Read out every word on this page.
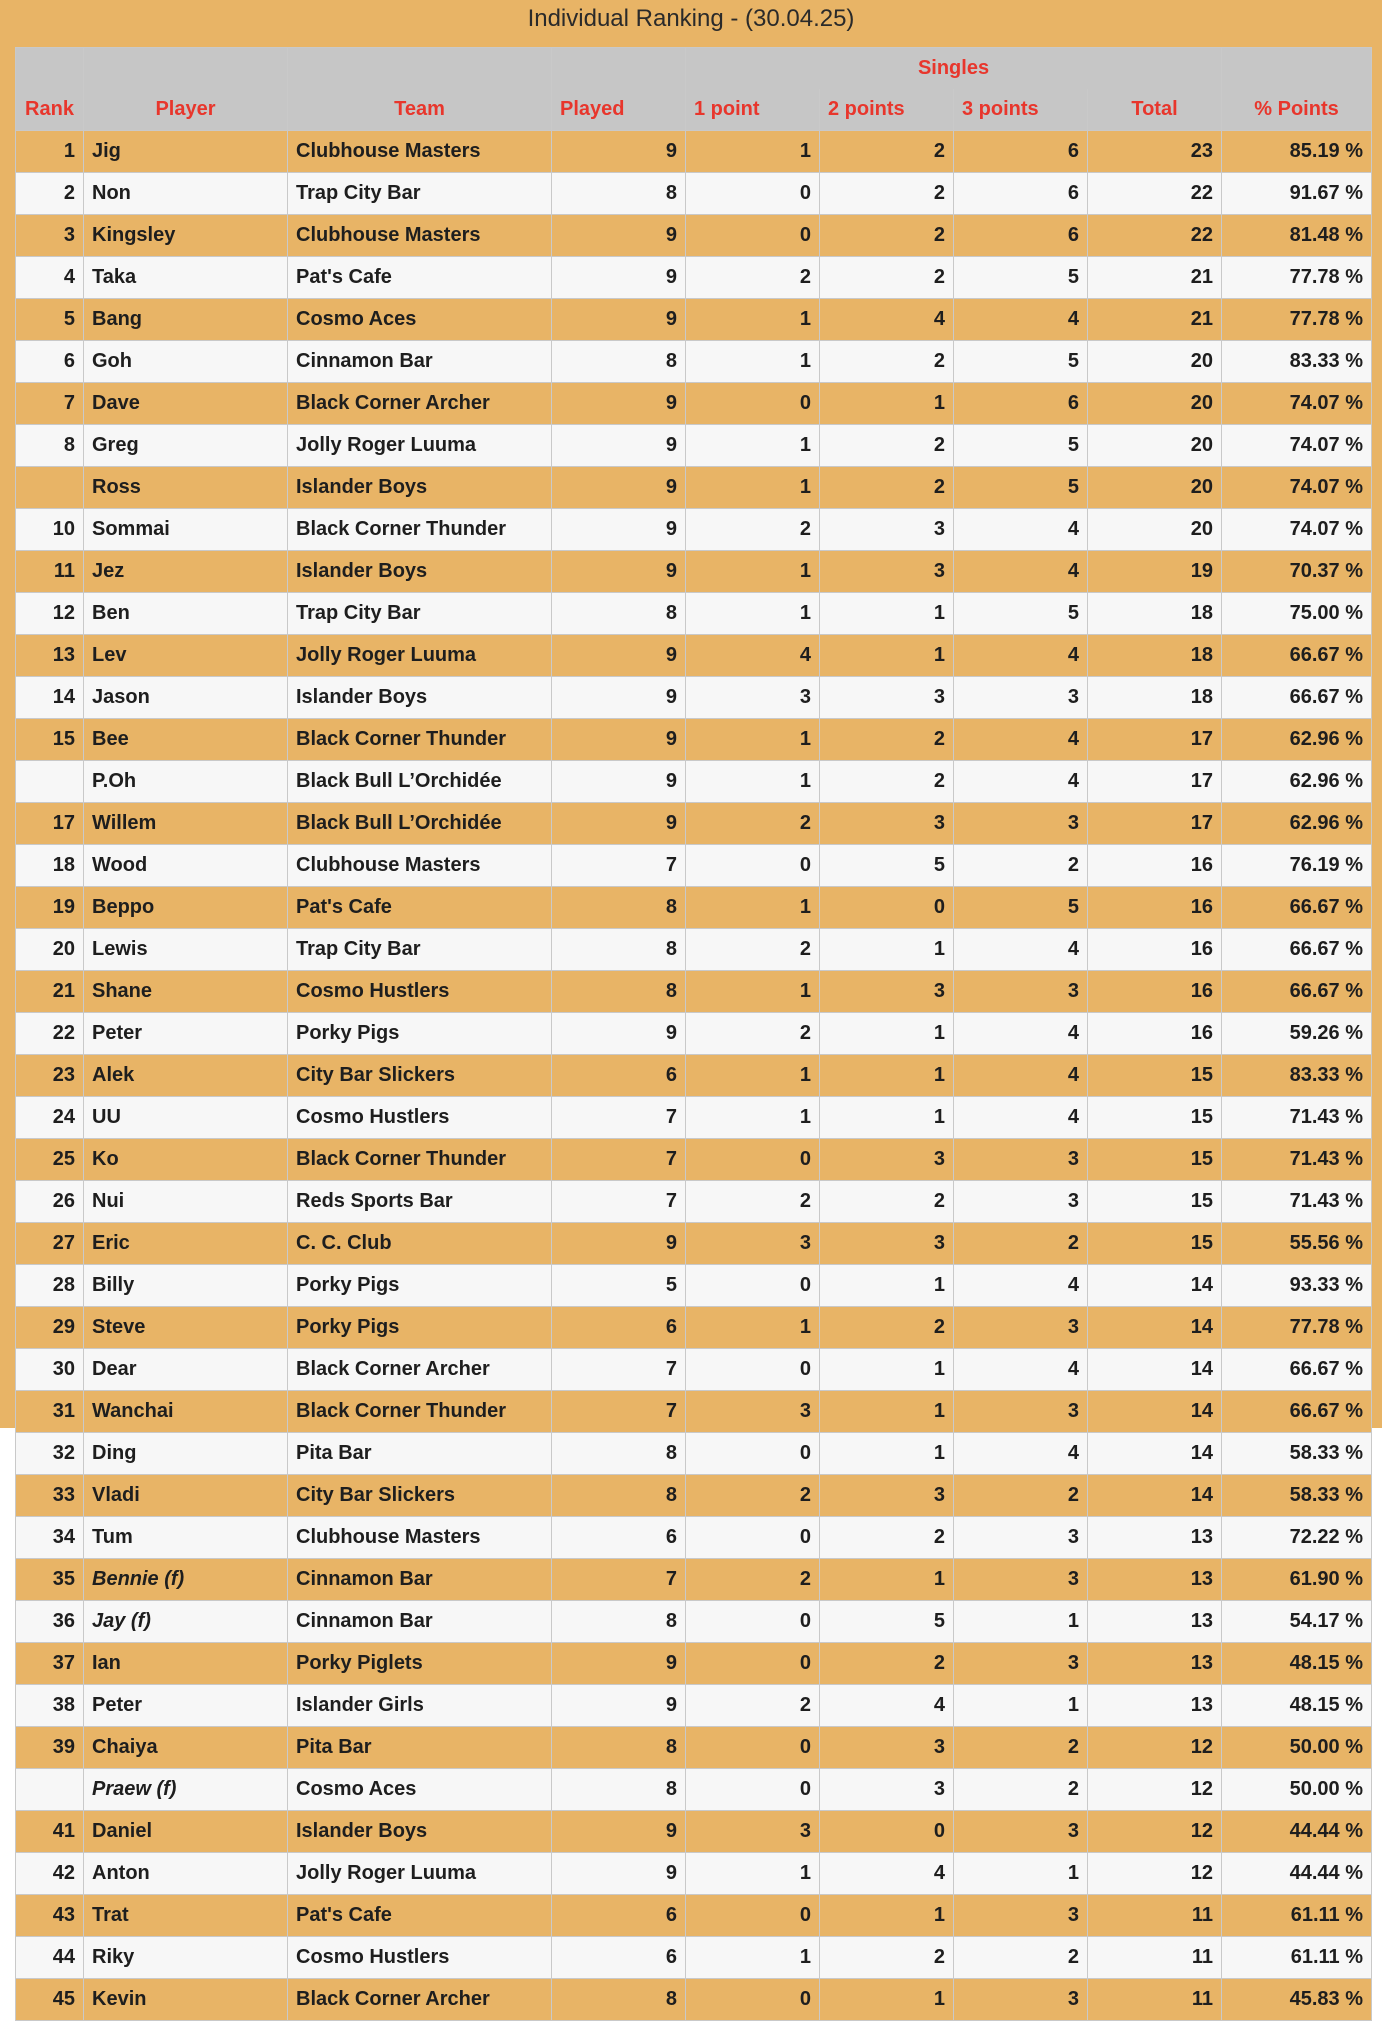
Individual Ranking - (30.04.25)
				Singles				
Rank	Player	Team	Played	1 point	2 points	3 points	Total	% Points
1	Jig	Clubhouse Masters	9	1	2	6	23	85.19 %
2	Non	Trap City Bar	8	0	2	6	22	91.67 %
3	Kingsley	Clubhouse Masters	9	0	2	6	22	81.48 %
4	Taka	Pat's Cafe	9	2	2	5	21	77.78 %
5	Bang	Cosmo Aces	9	1	4	4	21	77.78 %
6	Goh	Cinnamon Bar	8	1	2	5	20	83.33 %
7	Dave	Black Corner Archer	9	0	1	6	20	74.07 %
8	Greg	Jolly Roger Luuma	9	1	2	5	20	74.07 %
	Ross	Islander Boys	9	1	2	5	20	74.07 %
10	Sommai	Black Corner Thunder	9	2	3	4	20	74.07 %
11	Jez	Islander Boys	9	1	3	4	19	70.37 %
12	Ben	Trap City Bar	8	1	1	5	18	75.00 %
13	Lev	Jolly Roger Luuma	9	4	1	4	18	66.67 %
14	Jason	Islander Boys	9	3	3	3	18	66.67 %
15	Bee	Black Corner Thunder	9	1	2	4	17	62.96 %
	P.Oh	Black Bull L’Orchidée	9	1	2	4	17	62.96 %
17	Willem	Black Bull L’Orchidée	9	2	3	3	17	62.96 %
18	Wood	Clubhouse Masters	7	0	5	2	16	76.19 %
19	Beppo	Pat's Cafe	8	1	0	5	16	66.67 %
20	Lewis	Trap City Bar	8	2	1	4	16	66.67 %
21	Shane	Cosmo Hustlers	8	1	3	3	16	66.67 %
22	Peter	Porky Pigs	9	2	1	4	16	59.26 %
23	Alek	City Bar Slickers	6	1	1	4	15	83.33 %
24	UU	Cosmo Hustlers	7	1	1	4	15	71.43 %
25	Ko	Black Corner Thunder	7	0	3	3	15	71.43 %
26	Nui	Reds Sports Bar	7	2	2	3	15	71.43 %
27	Eric	C. C. Club	9	3	3	2	15	55.56 %
28	Billy	Porky Pigs	5	0	1	4	14	93.33 %
29	Steve	Porky Pigs	6	1	2	3	14	77.78 %
30	Dear	Black Corner Archer	7	0	1	4	14	66.67 %
31	Wanchai	Black Corner Thunder	7	3	1	3	14	66.67 %
32	Ding	Pita Bar	8	0	1	4	14	58.33 %
33	Vladi	City Bar Slickers	8	2	3	2	14	58.33 %
34	Tum	Clubhouse Masters	6	0	2	3	13	72.22 %
35	Bennie (f)	Cinnamon Bar	7	2	1	3	13	61.90 %
36	Jay (f)	Cinnamon Bar	8	0	5	1	13	54.17 %
37	Ian	Porky Piglets	9	0	2	3	13	48.15 %
38	Peter	Islander Girls	9	2	4	1	13	48.15 %
39	Chaiya	Pita Bar	8	0	3	2	12	50.00 %
	Praew (f)	Cosmo Aces	8	0	3	2	12	50.00 %
41	Daniel	Islander Boys	9	3	0	3	12	44.44 %
42	Anton	Jolly Roger Luuma	9	1	4	1	12	44.44 %
43	Trat	Pat's Cafe	6	0	1	3	11	61.11 %
44	Riky	Cosmo Hustlers	6	1	2	2	11	61.11 %
45	Kevin	Black Corner Archer	8	0	1	3	11	45.83 %
